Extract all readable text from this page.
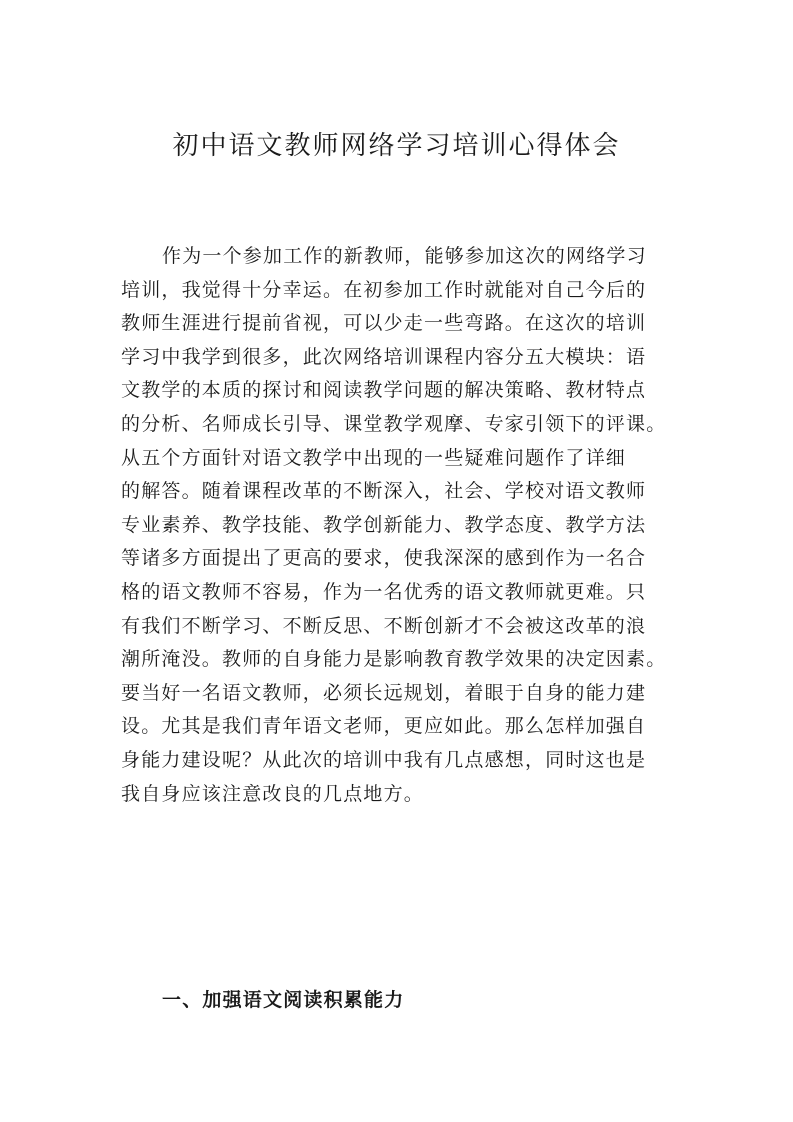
初中语文教师网络学习培训心得体会

作为一个参加工作的新教师，能够参加这次的网络学习
培训，我觉得十分幸运。在初参加工作时就能对自己今后的
教师生涯进行提前省视，可以少走一些弯路。在这次的培训
学习中我学到很多，此次网络培训课程内容分五大模块：语
文教学的本质的探讨和阅读教学问题的解决策略、教材特点
的分析、名师成长引导、课堂教学观摩、专家引领下的评课。
从五个方面针对语文教学中出现的一些疑难问题作了详细
的解答。随着课程改革的不断深入，社会、学校对语文教师
专业素养、教学技能、教学创新能力、教学态度、教学方法
等诸多方面提出了更高的要求，使我深深的感到作为一名合
格的语文教师不容易，作为一名优秀的语文教师就更难。只
有我们不断学习、不断反思、不断创新才不会被这改革的浪
潮所淹没。教师的自身能力是影响教育教学效果的决定因素。
要当好一名语文教师，必须长远规划，着眼于自身的能力建
设。尤其是我们青年语文老师，更应如此。那么怎样加强自
身能力建设呢？从此次的培训中我有几点感想，同时这也是
我自身应该注意改良的几点地方。

一、加强语文阅读积累能力
